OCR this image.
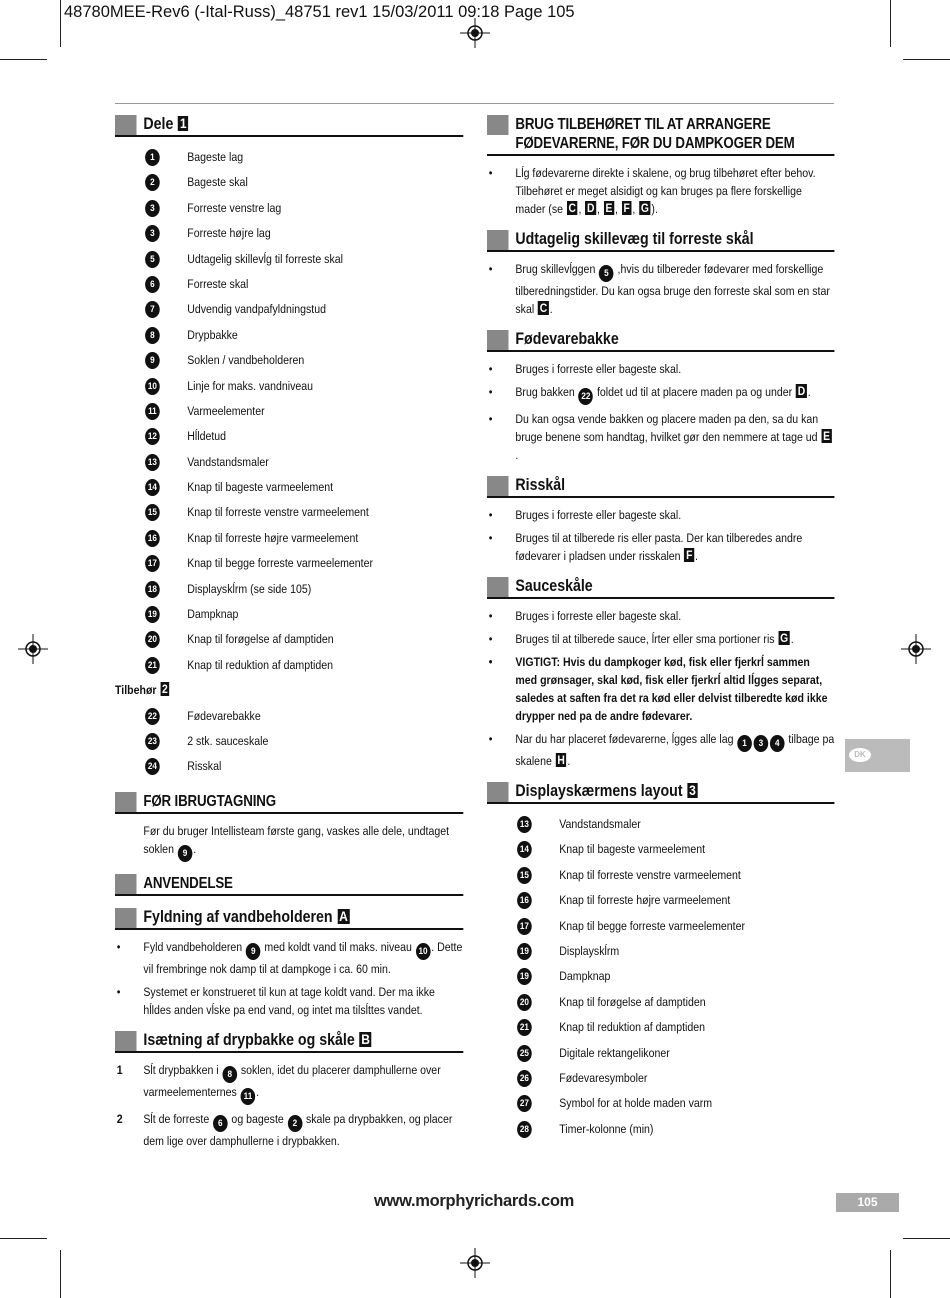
48780MEE-Rev6 (-Ital-Russ)_48751 rev1 15/03/2011 09:18 Page 105
Dele 1
1	Bageste lag
2	Bageste skal
3	Forreste venstre lag
3	Forreste højre lag
5	Udtagelig skillevĺg til forreste skal
6	Forreste skal
7	Udvendig vandpafyldningstud
8	Drypbakke
9	Soklen / vandbeholderen
10 Linje for maks. vandniveau
11 Varmeelementer
12 Hĺldetud
13 Vandstandsmaler
14 Knap til bageste varmeelement
15 Knap til forreste venstre varmeelement
16 Knap til forreste højre varmeelement
17 Knap til begge forreste varmeelementer
18 Displayskĺrm (se side 105)
19 Dampknap
20 Knap til forøgelse af damptiden
21 Knap til reduktion af damptiden
Tilbehør 2
22 Fødevarebakke
23 2 stk. sauceskale
24 Risskal
FØR IBRUGTAGNING
Før du bruger Intellisteam første gang, vaskes alle dele, undtaget soklen 9 .
ANVENDELSE
Fyldning af vandbeholderen A
• Fyld vandbeholderen 9 med koldt vand til maks. niveau 10 . Dette vil frembringe nok damp til at dampkoge i ca. 60 min.
• Systemet er konstrueret til kun at tage koldt vand. Der ma ikke hĺldes anden vĺske pa end vand, og intet ma tilsĺttes vandet.
Isætning af drypbakke og skåle B
1 Sĺt drypbakken i 8 soklen, idet du placerer damphullerne over varmeelementernes 11 .
2 Sĺt de forreste 6 og bageste 2 skale pa drypbakken, og placer dem lige over damphullerne i drypbakken.
BRUG TILBEHØRET TIL AT ARRANGERE FØDEVARERNE, FØR DU DAMPKOGER DEM
• Lĺg fødevarerne direkte i skalene, og brug tilbehøret efter behov. Tilbehøret er meget alsidigt og kan bruges pa flere forskellige mader (se C , D , E , F , G ).
Udtagelig skillevæg til forreste skål
• Brug skillevĺggen 5 ,hvis du tilbereder fødevarer med forskellige tilberedningstider. Du kan ogsa bruge den forreste skal som en star skal C .
Fødevarebakke
• Bruges i forreste eller bageste skal.
• Brug bakken 22 foldet ud til at placere maden pa og under D .
• Du kan ogsa vende bakken og placere maden pa den, sa du kan bruge benene som handtag, hvilket gør den nemmere at tage ud E.
Risskål
• Bruges i forreste eller bageste skal.
• Bruges til at tilberede ris eller pasta. Der kan tilberedes andre fødevarer i pladsen under risskalen F .
Sauceskåle
• Bruges i forreste eller bageste skal.
• Bruges til at tilberede sauce, ĺrter eller sma portioner ris G .
• VIGTIGT: Hvis du dampkoger kød, fisk eller fjerkrĺ sammen med grønsager, skal kød, fisk eller fjerkrĺ altid lĺgges separat, saledes at saften fra det ra kød eller delvist tilberedte kød ikke drypper ned pa de andre fødevarer.
• Nar du har placeret fødevarerne, ĺgges alle lag 1 3 4 tilbage pa skalene H .
Displayskærmens layout 3
13 Vandstandsmaler
14 Knap til bageste varmeelement
15 Knap til forreste venstre varmeelement
16 Knap til forreste højre varmeelement
17 Knap til begge forreste varmeelementer
19 Displayskĺrm
19 Dampknap
20 Knap til forøgelse af damptiden
21 Knap til reduktion af damptiden
25 Digitale rektangelikoner
26 Fødevaresymboler
27 Symbol for at holde maden varm
28 Timer-kolonne (min)
DK
www.morphyrichards.com	105
